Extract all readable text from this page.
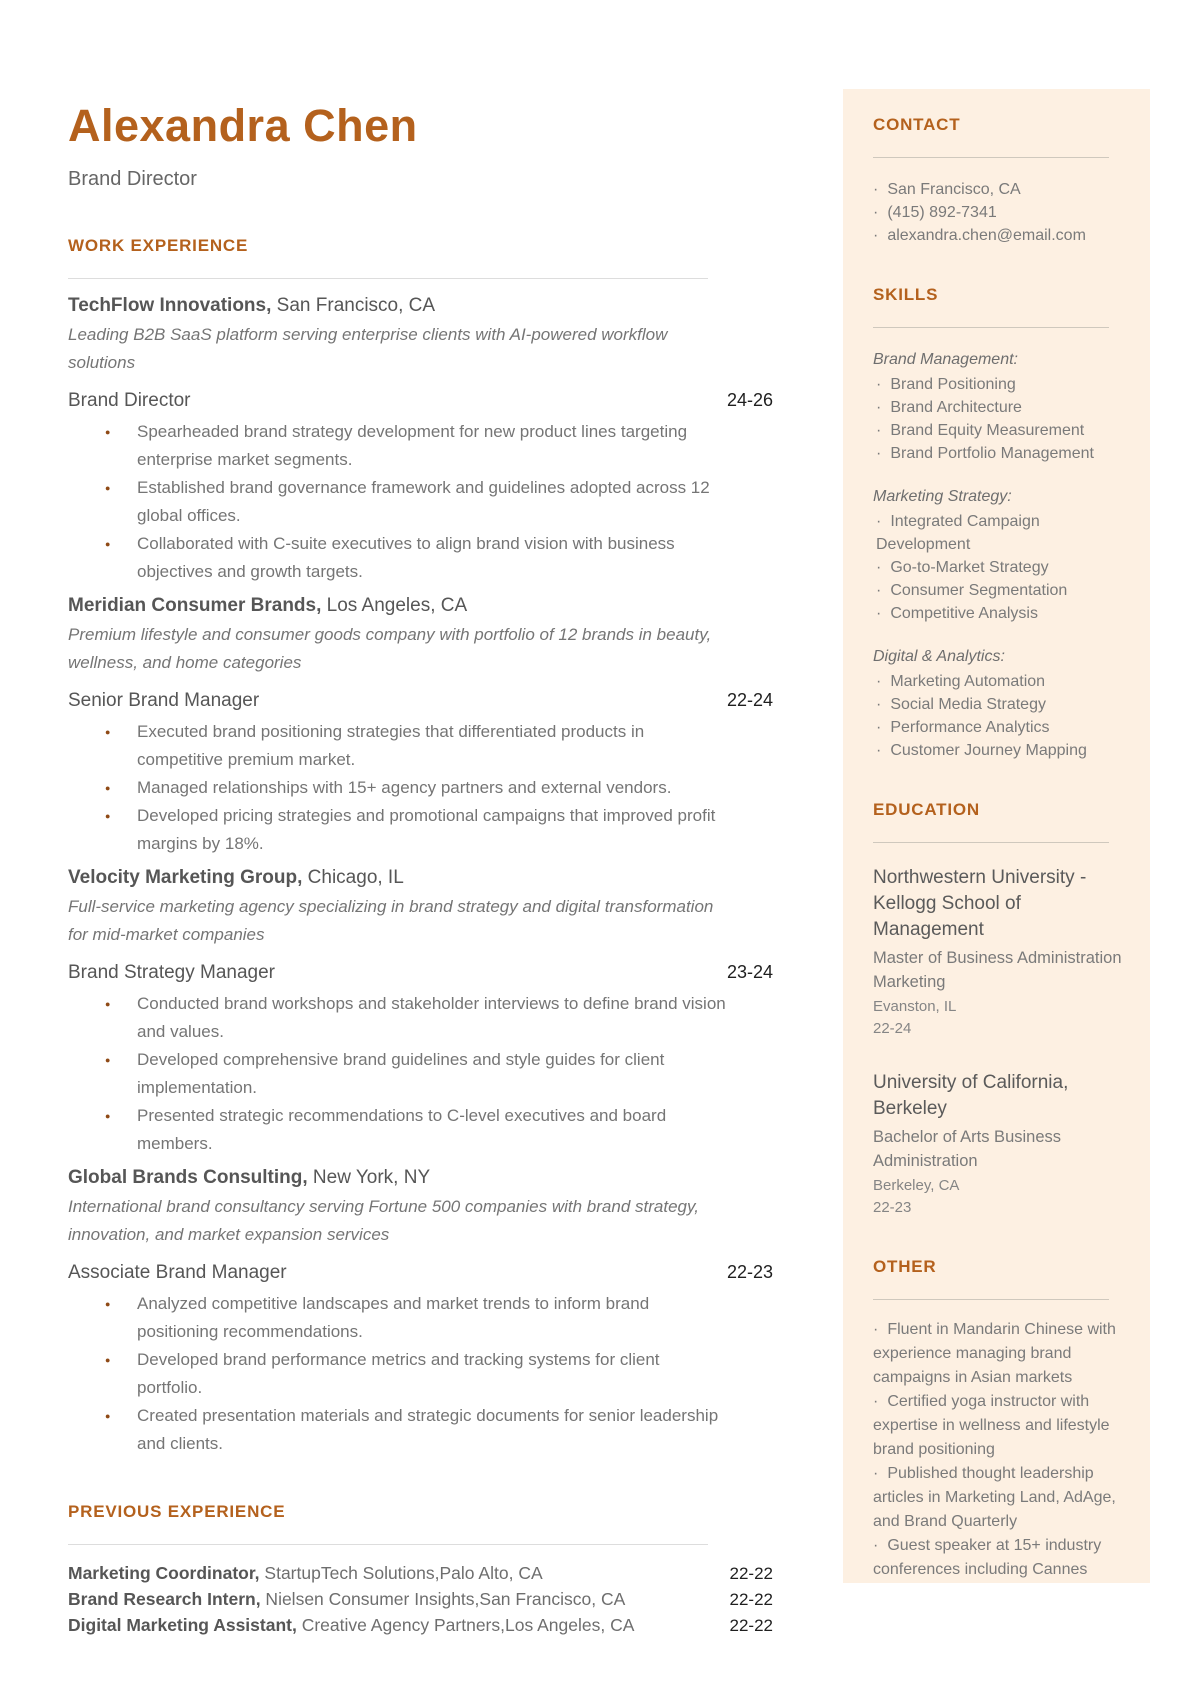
Alexandra Chen
Brand Director
WORK EXPERIENCE
TechFlow Innovations, San Francisco, CA
Leading B2B SaaS platform serving enterprise clients with AI-powered workflow solutions
Brand Director	24-26
● Spearheaded brand strategy development for new product lines targeting enterprise market segments.
● Established brand governance framework and guidelines adopted across 12 global offices.
● Collaborated with C-suite executives to align brand vision with business objectives and growth targets.
Meridian Consumer Brands, Los Angeles, CA
Premium lifestyle and consumer goods company with portfolio of 12 brands in beauty, wellness, and home categories
Senior Brand Manager	22-24
● Executed brand positioning strategies that differentiated products in competitive premium market.
● Managed relationships with 15+ agency partners and external vendors.
● Developed pricing strategies and promotional campaigns that improved profit margins by 18%.
Velocity Marketing Group, Chicago, IL
Full-service marketing agency specializing in brand strategy and digital transformation for mid-market companies
Brand Strategy Manager	23-24
● Conducted brand workshops and stakeholder interviews to define brand vision and values.
● Developed comprehensive brand guidelines and style guides for client implementation.
● Presented strategic recommendations to C-level executives and board members.
Global Brands Consulting, New York, NY
International brand consultancy serving Fortune 500 companies with brand strategy, innovation, and market expansion services
Associate Brand Manager	22-23
● Analyzed competitive landscapes and market trends to inform brand positioning recommendations.
● Developed brand performance metrics and tracking systems for client portfolio.
● Created presentation materials and strategic documents for senior leadership and clients.
PREVIOUS EXPERIENCE
Marketing Coordinator, StartupTech Solutions,Palo Alto, CA	22-22
Brand Research Intern, Nielsen Consumer Insights,San Francisco, CA	22-22
Digital Marketing Assistant, Creative Agency Partners,Los Angeles, CA	22-22
CONTACT
· San Francisco, CA
· (415) 892-7341
· alexandra.chen@email.com
SKILLS
Brand Management:
· Brand Positioning
· Brand Architecture
· Brand Equity Measurement
· Brand Portfolio Management
Marketing Strategy:
· Integrated Campaign Development
· Go-to-Market Strategy
· Consumer Segmentation
· Competitive Analysis
Digital & Analytics:
· Marketing Automation
· Social Media Strategy
· Performance Analytics
· Customer Journey Mapping
EDUCATION
Northwestern University - Kellogg School of Management
Master of Business Administration Marketing
Evanston, IL
22-24
University of California, Berkeley
Bachelor of Arts Business Administration
Berkeley, CA
22-23
OTHER
· Fluent in Mandarin Chinese with experience managing brand campaigns in Asian markets
· Certified yoga instructor with expertise in wellness and lifestyle brand positioning
· Published thought leadership articles in Marketing Land, AdAge, and Brand Quarterly
· Guest speaker at 15+ industry conferences including Cannes
